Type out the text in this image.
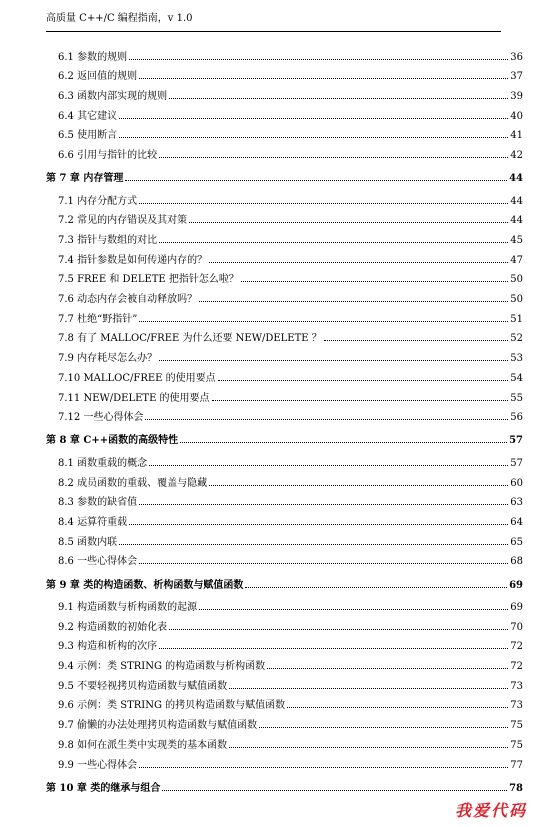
高质量 C++/C 编程指南，v 1.0
6.1 参数的规则	36
6.2 返回值的规则	37
6.3 函数内部实现的规则	39
6.4 其它建议	40
6.5 使用断言	41
6.6 引用与指针的比较	42
第 7 章 内存管理	44
7.1 内存分配方式	44
7.2 常见的内存错误及其对策	44
7.3 指针与数组的对比	45
7.4 指针参数是如何传递内存的？	47
7.5 FREE 和 DELETE 把指针怎么啦？	50
7.6 动态内存会被自动释放吗？	50
7.7 杜绝“野指针”	51
7.8 有了 MALLOC/FREE 为什么还要 NEW/DELETE ？	52
7.9 内存耗尽怎么办？	53
7.10 MALLOC/FREE 的使用要点	54
7.11 NEW/DELETE 的使用要点	55
7.12 一些心得体会	56
第 8 章 C++函数的高级特性	57
8.1 函数重载的概念	57
8.2 成员函数的重载、覆盖与隐藏	60
8.3 参数的缺省值	63
8.4 运算符重载	64
8.5 函数内联	65
8.6 一些心得体会	68
第 9 章 类的构造函数、析构函数与赋值函数	69
9.1 构造函数与析构函数的起源	69
9.2 构造函数的初始化表	70
9.3 构造和析构的次序	72
9.4 示例：类 STRING 的构造函数与析构函数	72
9.5 不要轻视拷贝构造函数与赋值函数	73
9.6 示例：类 STRING 的拷贝构造函数与赋值函数	73
9.7 偷懒的办法处理拷贝构造函数与赋值函数	75
9.8 如何在派生类中实现类的基本函数	75
9.9 一些心得体会	77
第 10 章 类的继承与组合	78
我爱代码
